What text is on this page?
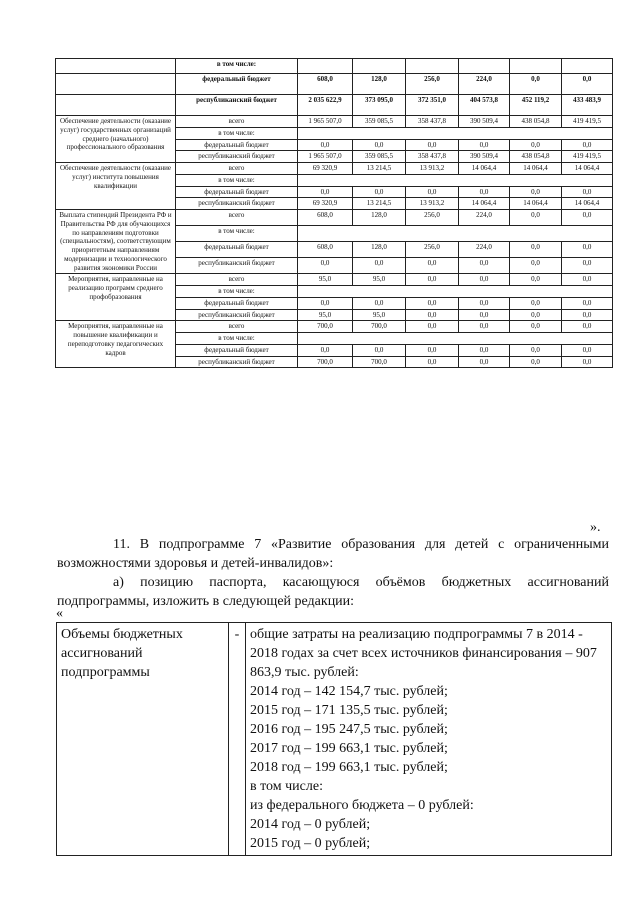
	в том числе:						
	федеральный бюджет	608,0	128,0	256,0	224,0	0,0	0,0
	республиканский бюджет	2 035 622,9	373 095,0	372 351,0	404 573,8	452 119,2	433 483,9
Обеспечение деятельности (оказание услуг) государственных организаций среднего (начального) профессионального образования	всего	1 965 507,0	359 085,5	358 437,8	390 509,4	438 054,8	419 419,5
	в том числе:						
	федеральный бюджет	0,0	0,0	0,0	0,0	0,0	0,0
	республиканский бюджет	1 965 507,0	359 085,5	358 437,8	390 509,4	438 054,8	419 419,5
Обеспечение деятельности (оказание услуг) институтa повышения квалификации	всего	69 320,9	13 214,5	13 913,2	14 064,4	14 064,4	14 064,4
	в том числе:						
	федеральный бюджет	0,0	0,0	0,0	0,0	0,0	0,0
	республиканский бюджет	69 320,9	13 214,5	13 913,2	14 064,4	14 064,4	14 064,4
Выплата стипендий Президента РФ и Правительства РФ для обучающихся по направлениям подготовки (специальностям), соответствующим приоритетным направлениям модернизации и технологического развития экономики России	всего	608,0	128,0	256,0	224,0	0,0	0,0
	в том числе:						
	федеральный бюджет	608,0	128,0	256,0	224,0	0,0	0,0
	республиканский бюджет	0,0	0,0	0,0	0,0	0,0	0,0
Мероприятия, направленные на реализацию программ среднего профобразования	всего	95,0	95,0	0,0	0,0	0,0	0,0
	в том числе:						
	федеральный бюджет	0,0	0,0	0,0	0,0	0,0	0,0
	республиканский бюджет	95,0	95,0	0,0	0,0	0,0	0,0
Мероприятия, направленные на повышение квалификации и переподготовку педагогических кадров	всего	700,0	700,0	0,0	0,0	0,0	0,0
	в том числе:						
	федеральный бюджет	0,0	0,0	0,0	0,0	0,0	0,0
	республиканский бюджет	700,0	700,0	0,0	0,0	0,0	0,0
».
11. В подпрограмме 7 «Развитие образования для детей с ограниченными возможностями здоровья и детей-инвалидов»:
а) позицию паспорта, касающуюся объёмов бюджетных ассигнований подпрограммы, изложить в следующей редакции:
«
Объемы бюджетных ассигнований подпрограммы	-	общие затраты на реализацию подпрограммы 7 в 2014 - 2018 годах за счет всех источников финансирования – 907 863,9 тыс. рублей:
2014 год – 142 154,7 тыс. рублей;
2015 год – 171 135,5 тыс. рублей;
2016 год – 195 247,5 тыс. рублей;
2017 год – 199 663,1 тыс. рублей;
2018 год – 199 663,1 тыс. рублей;
в том числе:
из федерального бюджета – 0 рублей:
2014 год – 0 рублей;
2015 год – 0 рублей;
